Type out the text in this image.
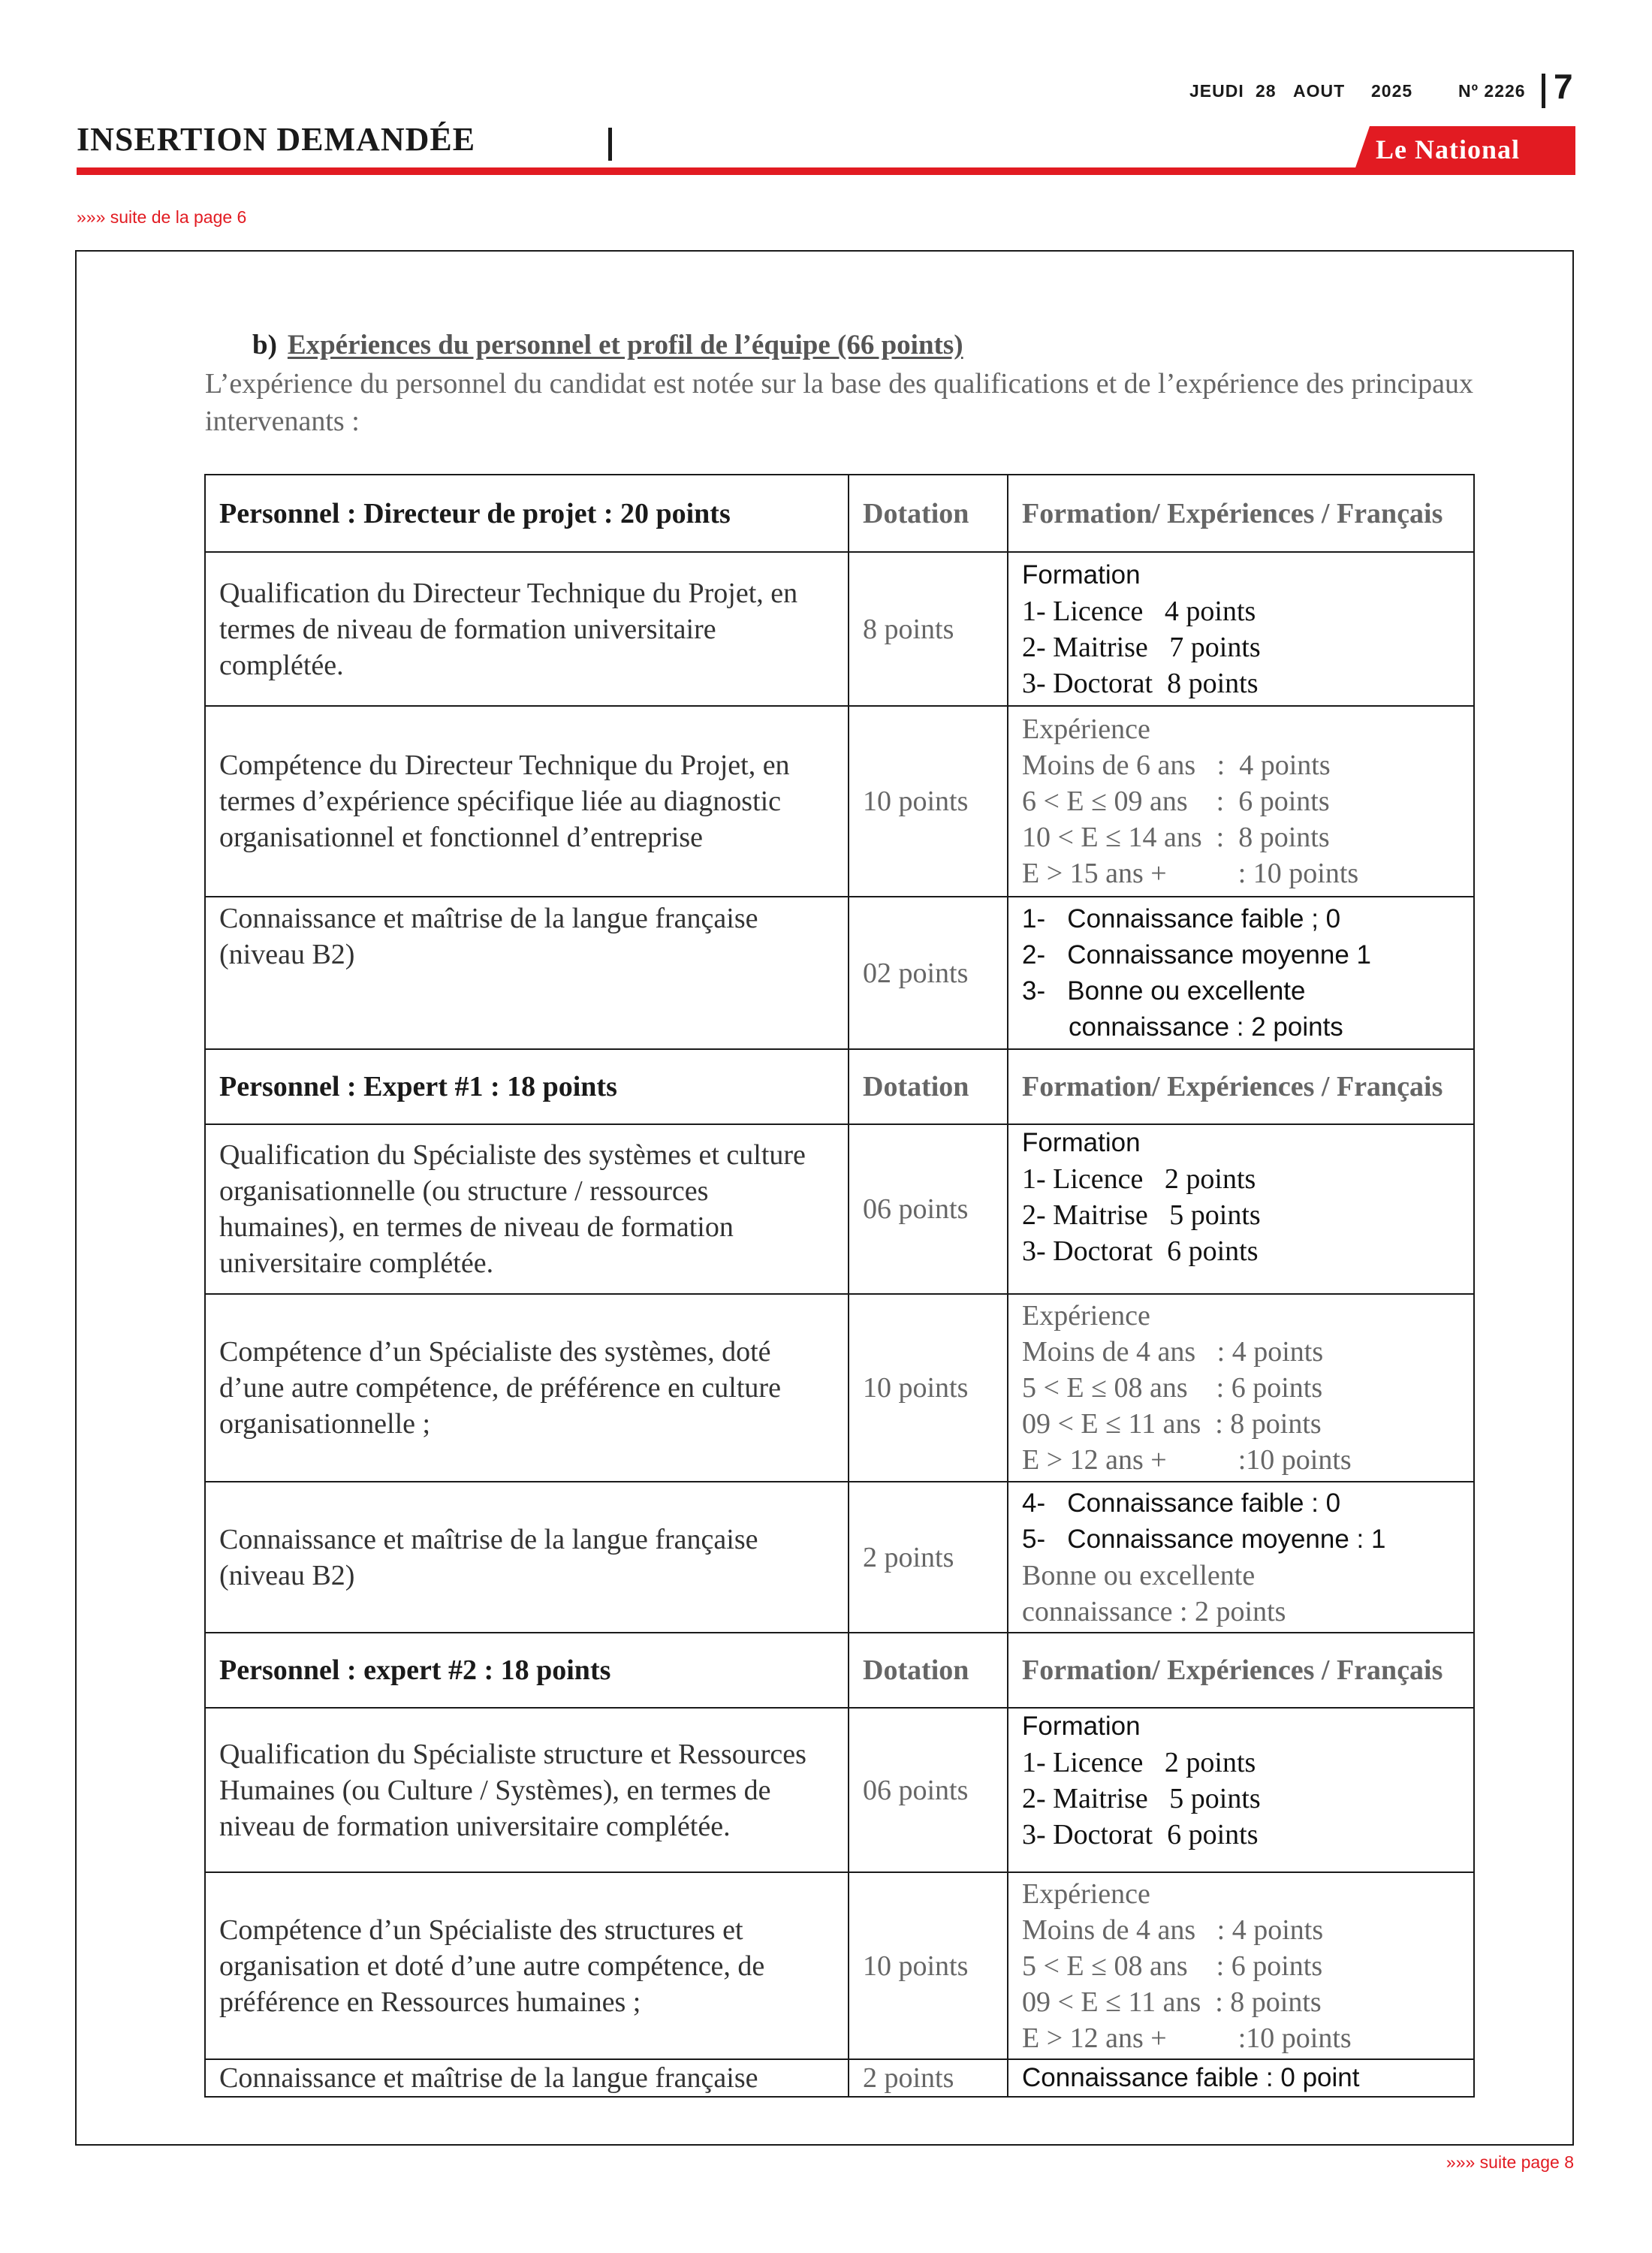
JEUDI 28 AOUT 2025	Nº 2226 7
INSERTION DEMANDÉE	Le National
»»» suite de la page 6
b) Expériences du personnel et profil de l’équipe (66 points)
L’expérience du personnel du candidat est notée sur la base des qualifications et de l’expérience des principaux intervenants :
Personnel : Directeur de projet : 20 points	Dotation	Formation/ Expériences / Français
Qualification du Directeur Technique du Projet, en termes de niveau de formation universitaire complétée.	8 points	Formation
1- Licence   4 points
2- Maitrise   7 points
3- Doctorat  8 points

Compétence du Directeur Technique du Projet, en termes d’expérience spécifique liée au diagnostic organisationnel et fonctionnel d’entreprise	10 points	Expérience
Moins de 6 ans   :  4 points
6 < E ≤ 09 ans    :  6 points
10 < E ≤ 14 ans  :  8 points
E > 15 ans +          : 10 points

Connaissance et maîtrise de la langue française (niveau B2)	02 points	1-   Connaissance faible ; 0
2-   Connaissance moyenne 1
3-   Bonne ou excellente
connaissance : 2 points

Personnel : Expert #1 : 18 points	Dotation	Formation/ Expériences / Français
Qualification du Spécialiste des systèmes et culture organisationnelle (ou structure / ressources humaines), en termes de niveau de formation universitaire complétée.	06 points	Formation
1- Licence   2 points
2- Maitrise   5 points
3- Doctorat  6 points

Compétence d’un Spécialiste des systèmes, doté d’une autre compétence, de préférence en culture organisationnelle ;	10 points	Expérience
Moins de 4 ans   : 4 points
5 < E ≤ 08 ans    : 6 points
09 < E ≤ 11 ans  : 8 points
E > 12 ans +          :10 points

Connaissance et maîtrise de la langue française (niveau B2)	2 points	4-   Connaissance faible : 0
5-   Connaissance moyenne : 1
Bonne ou excellente
connaissance : 2 points

Personnel : expert #2 : 18 points	Dotation	Formation/ Expériences / Français
Qualification du Spécialiste structure et Ressources Humaines (ou Culture / Systèmes), en termes de niveau de formation universitaire complétée.	06 points	Formation
1- Licence   2 points
2- Maitrise   5 points
3- Doctorat  6 points

Compétence d’un Spécialiste des structures et organisation et doté d’une autre compétence, de préférence en Ressources humaines ;	10 points	Expérience
Moins de 4 ans   : 4 points
5 < E ≤ 08 ans    : 6 points
09 < E ≤ 11 ans  : 8 points
E > 12 ans +          :10 points

Connaissance et maîtrise de la langue française	2 points	Connaissance faible : 0 point
»»» suite page 8
